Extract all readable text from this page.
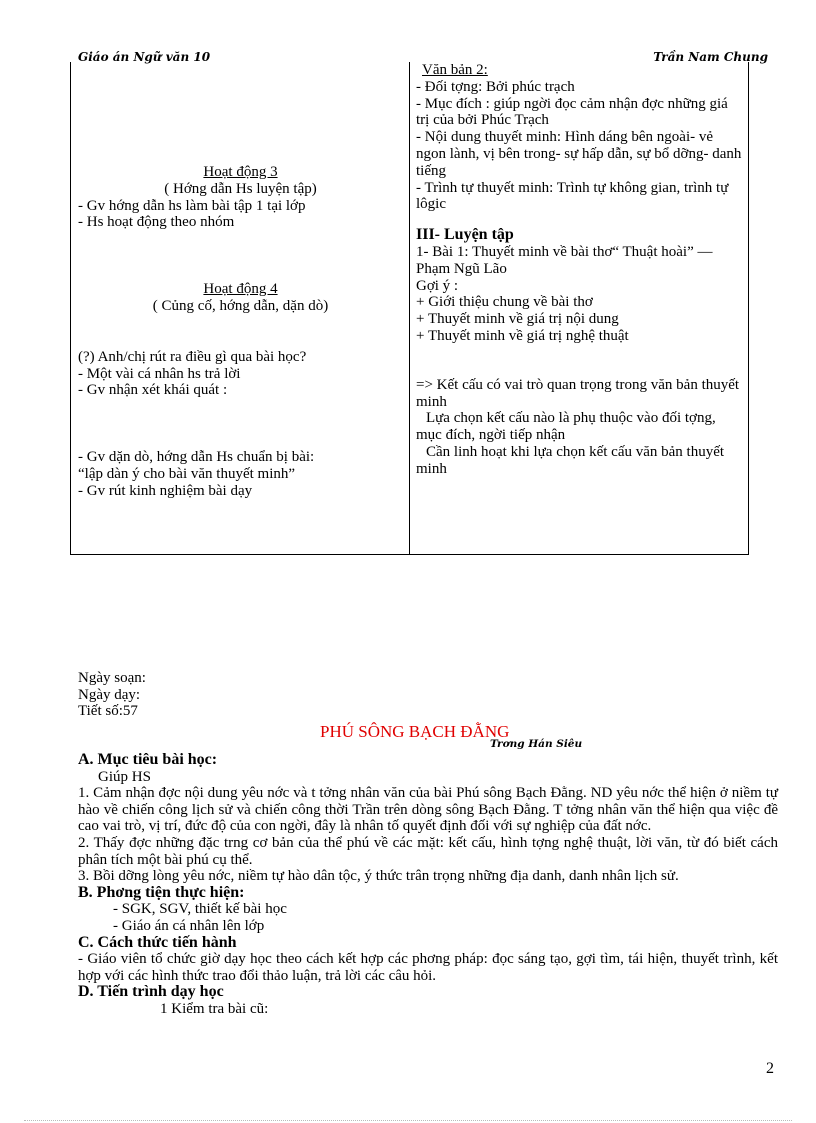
Giáo án Ngữ văn 10	Trần Nam Chung

Hoạt động 3

( Hớng dẫn Hs luyện tập)

- Gv hớng dẫn hs làm bài tập 1 tại lớp

- Hs hoạt động theo nhóm

Hoạt động 4

( Củng cố, hớng dẫn, dặn dò)

(?) Anh/chị rút ra điều gì qua bài học?

- Một vài cá nhân hs trả lời

- Gv nhận xét khái quát :

- Gv dặn dò, hớng dẫn Hs chuẩn bị bài:

“lập dàn ý cho bài văn thuyết minh”

- Gv rút kinh nghiệm bài dạy

Văn bản 2:

- Đối tợng: Bởi phúc trạch

- Mục đích : giúp ngời đọc cảm nhận đợc những giá trị của bởi Phúc Trạch

- Nội dung thuyết minh: Hình dáng bên ngoài- vẻ ngon lành, vị bên trong- sự hấp dẫn, sự bổ dỡng- danh tiếng

- Trình tự thuyết minh: Trình tự không gian, trình tự lôgic

III- Luyện tập

1- Bài 1: Thuyết minh về bài thơ“ Thuật hoài” — Phạm Ngũ Lão

Gợi ý :

+ Giới thiệu chung về bài thơ

+ Thuyết minh về giá trị nội dung

+ Thuyết minh về giá trị nghệ thuật

=> Kết cấu có vai trò quan trọng trong văn bản thuyết minh

Lựa chọn kết cấu nào là phụ thuộc vào đối tợng, mục đích, ngời tiếp nhận

Cần linh hoạt khi lựa chọn kết cấu văn bản thuyết minh

Ngày soạn:

Ngày dạy:

Tiết số:57

PHÚ SÔNG BẠCH ĐẰNG
Trơng Hán Siêu

A. Mục tiêu bài học:

Giúp HS

1. Cảm nhận đợc nội dung yêu nớc và t tởng nhân văn của bài Phú sông Bạch Đằng. ND yêu nớc thể hiện ở niềm tự hào về chiến công lịch sử và chiến công thời Trần trên dòng sông Bạch Đằng. T tởng nhân văn thể hiện qua việc đề cao vai trò, vị trí, đức độ của con ngời, đây là nhân tố quyết định đối với sự nghiệp của đất nớc.

2. Thấy đợc những đặc trng cơ bản của thể phú về các mặt: kết cấu, hình tợng nghệ thuật, lời văn, từ đó biết cách phân tích một bài phú cụ thể.

3. Bồi dỡng lòng yêu nớc, niềm tự hào dân tộc, ý thức trân trọng những địa danh, danh nhân lịch sử.

B. Phơng tiện thực hiện:

- SGK, SGV, thiết kế bài học

- Giáo án cá nhân lên lớp

C. Cách thức tiến hành

- Giáo viên tổ chức giờ dạy học theo cách kết hợp các phơng pháp: đọc sáng tạo, gợi tìm, tái hiện, thuyết trình, kết hợp với các hình thức trao đổi thảo luận, trả lời các câu hỏi.

D. Tiến trình dạy học

1 Kiểm tra bài cũ:

2
